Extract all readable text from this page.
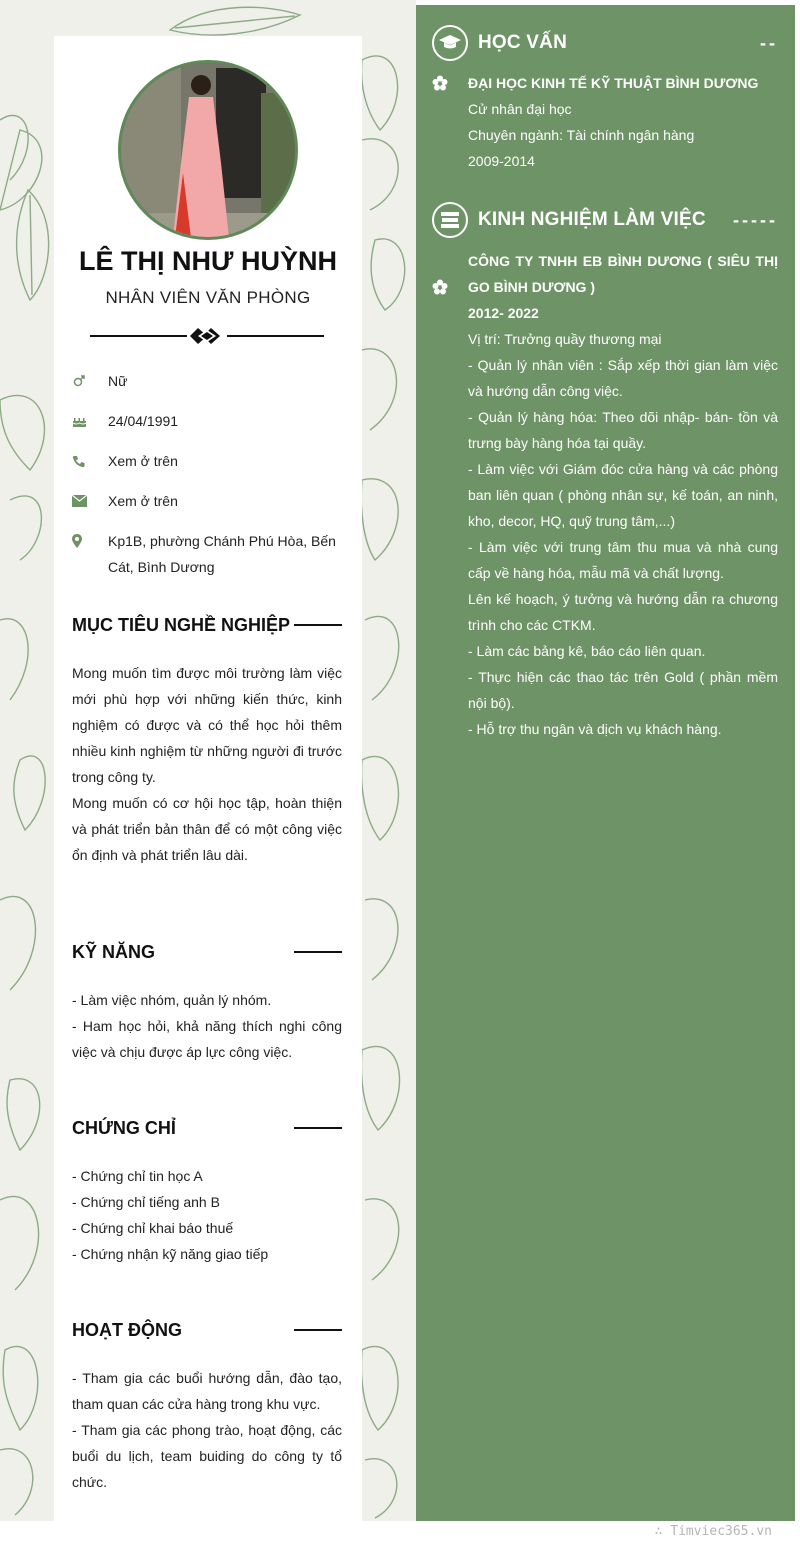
LÊ THỊ NHƯ HUỲNH
NHÂN VIÊN VĂN PHÒNG
Nữ
24/04/1991
Xem ở trên
Xem ở trên
Kp1B, phường Chánh Phú Hòa, Bến Cát, Bình Dương
MỤC TIÊU NGHỀ NGHIỆP

Mong muốn tìm được môi trường làm việc mới phù hợp với những kiến thức, kinh nghiệm có được và có thể học hỏi thêm nhiều kinh nghiệm từ những người đi trước trong công ty.

Mong muốn có cơ hội học tập, hoàn thiện và phát triển bản thân để có một công việc ổn định và phát triển lâu dài.

KỸ NĂNG

- Làm việc nhóm, quản lý nhóm.

- Ham học hỏi, khả năng thích nghi công việc và chịu được áp lực công việc.

CHỨNG CHỈ

- Chứng chỉ tin học A

- Chứng chỉ tiếng anh B

- Chứng chỉ khai báo thuế

- Chứng nhận kỹ năng giao tiếp

HOẠT ĐỘNG

- Tham gia các buổi hướng dẫn, đào tạo, tham quan các cửa hàng trong khu vực.

- Tham gia các phong trào, hoạt động, các buổi du lịch, team buiding do công ty tổ chức.

HỌC VẤN	--
ĐẠI HỌC KINH TẾ KỸ THUẬT BÌNH DƯƠNG
Cử nhân đại học
Chuyên ngành: Tài chính ngân hàng
2009-2014
KINH NGHIỆM LÀM VIỆC -----
CÔNG TY TNHH EB BÌNH DƯƠNG ( SIÊU THỊ GO BÌNH DƯƠNG )
2012- 2022
Vị trí: Trưởng quầy thương mại
- Quản lý nhân viên : Sắp xếp thời gian làm việc và hướng dẫn công việc.
- Quản lý hàng hóa: Theo dõi nhập- bán- tồn và trưng bày hàng hóa tại quầy.
- Làm việc với Giám đóc cửa hàng và các phòng ban liên quan ( phòng nhân sự, kế toán, an ninh, kho, decor, HQ, quỹ trung tâm,...)
- Làm việc với trung tâm thu mua và nhà cung cấp về hàng hóa, mẫu mã và chất lượng.
Lên kế hoạch, ý tưởng và hướng dẫn ra chương trình cho các CTKM.
- Làm các bảng kê, báo cáo liên quan.
- Thực hiện các thao tác trên Gold ( phần mềm nội bộ).
- Hỗ trợ thu ngân và dịch vụ khách hàng.
∴ Timviec365.vn
